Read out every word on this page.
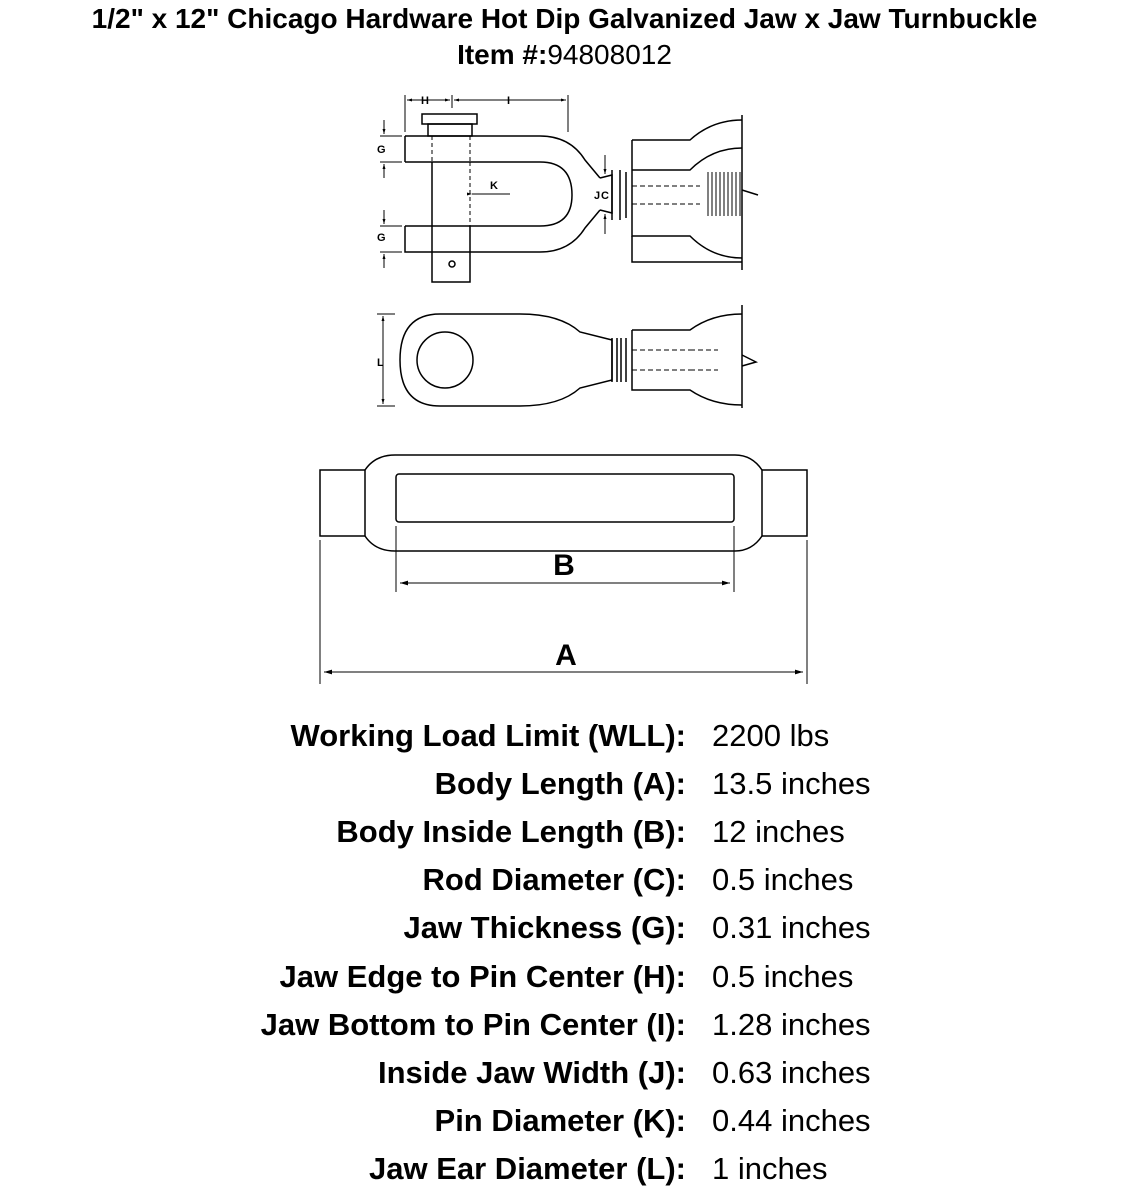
1/2" x 12" Chicago Hardware Hot Dip Galvanized Jaw x Jaw Turnbuckle
Item #:94808012
H	I
G
G
K
J C
L
B
A
Working Load Limit (WLL): 2200 lbs
Body Length (A): 13.5 inches
Body Inside Length (B): 12 inches
Rod Diameter (C): 0.5 inches
Jaw Thickness (G): 0.31 inches
Jaw Edge to Pin Center (H): 0.5 inches
Jaw Bottom to Pin Center (I): 1.28 inches
Inside Jaw Width (J): 0.63 inches
Pin Diameter (K): 0.44 inches
Jaw Ear Diameter (L): 1 inches
